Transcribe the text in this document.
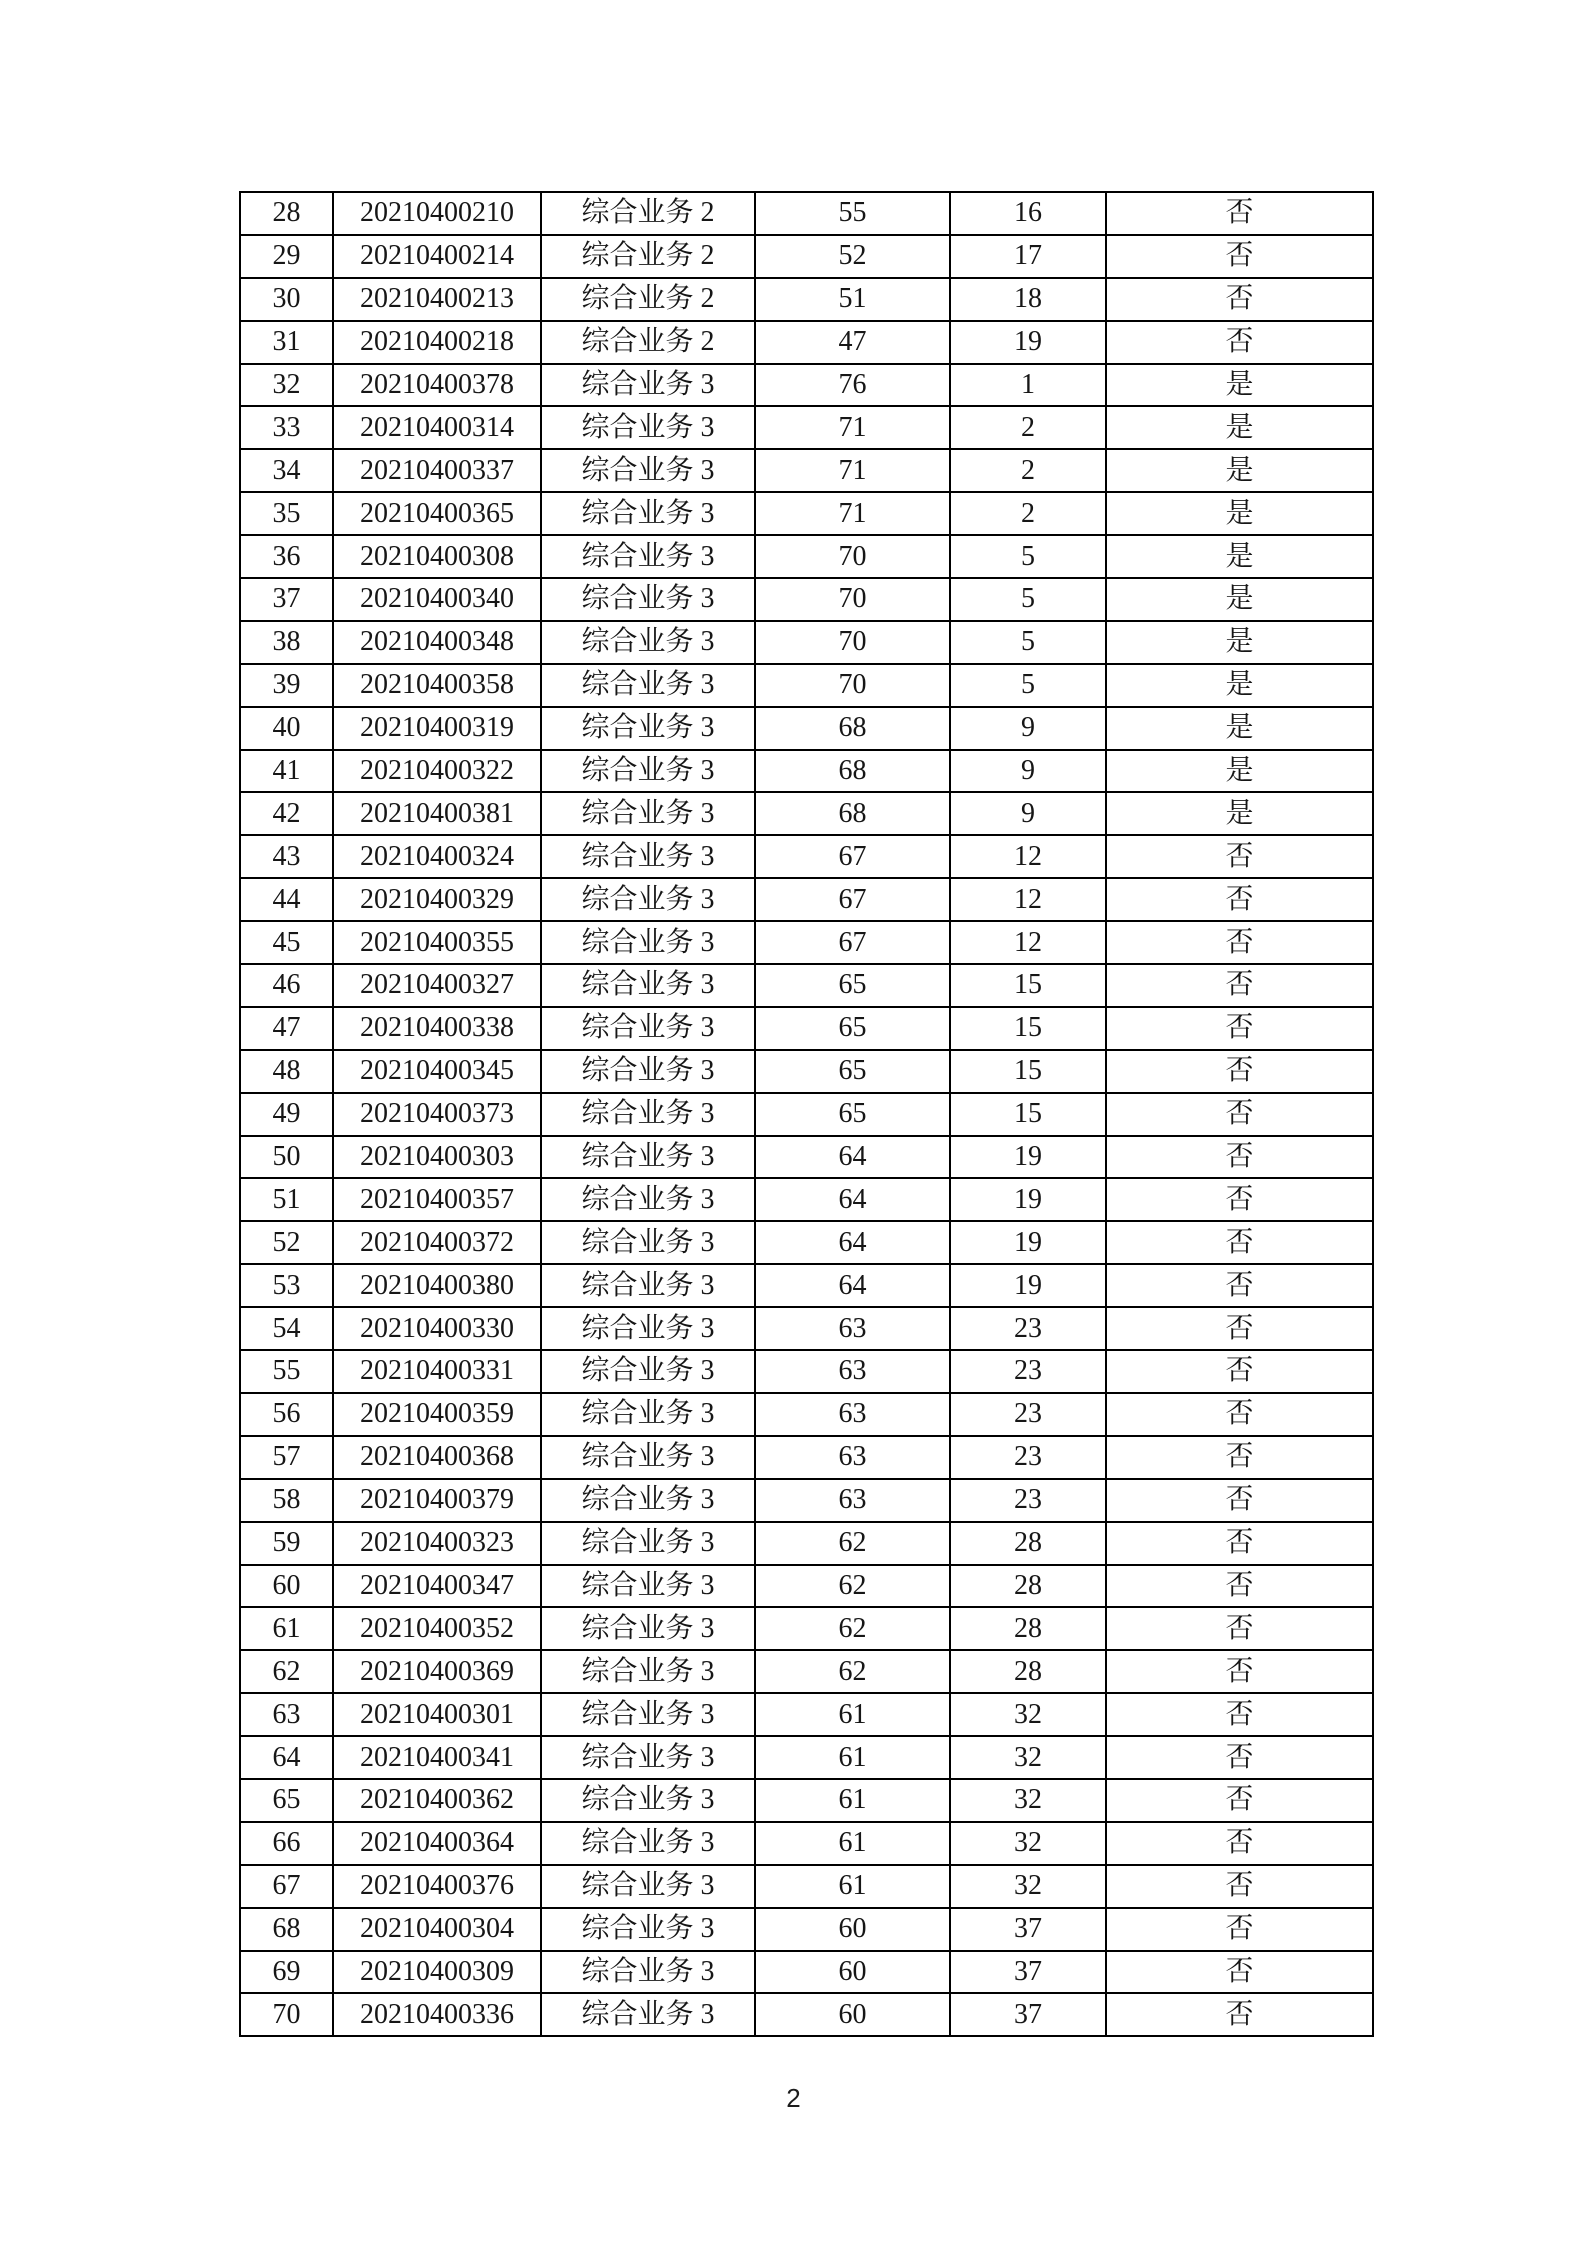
28	20210400210	综合业务 2	55	16	否
29	20210400214	综合业务 2	52	17	否
30	20210400213	综合业务 2	51	18	否
31	20210400218	综合业务 2	47	19	否
32	20210400378	综合业务 3	76	1	是
33	20210400314	综合业务 3	71	2	是
34	20210400337	综合业务 3	71	2	是
35	20210400365	综合业务 3	71	2	是
36	20210400308	综合业务 3	70	5	是
37	20210400340	综合业务 3	70	5	是
38	20210400348	综合业务 3	70	5	是
39	20210400358	综合业务 3	70	5	是
40	20210400319	综合业务 3	68	9	是
41	20210400322	综合业务 3	68	9	是
42	20210400381	综合业务 3	68	9	是
43	20210400324	综合业务 3	67	12	否
44	20210400329	综合业务 3	67	12	否
45	20210400355	综合业务 3	67	12	否
46	20210400327	综合业务 3	65	15	否
47	20210400338	综合业务 3	65	15	否
48	20210400345	综合业务 3	65	15	否
49	20210400373	综合业务 3	65	15	否
50	20210400303	综合业务 3	64	19	否
51	20210400357	综合业务 3	64	19	否
52	20210400372	综合业务 3	64	19	否
53	20210400380	综合业务 3	64	19	否
54	20210400330	综合业务 3	63	23	否
55	20210400331	综合业务 3	63	23	否
56	20210400359	综合业务 3	63	23	否
57	20210400368	综合业务 3	63	23	否
58	20210400379	综合业务 3	63	23	否
59	20210400323	综合业务 3	62	28	否
60	20210400347	综合业务 3	62	28	否
61	20210400352	综合业务 3	62	28	否
62	20210400369	综合业务 3	62	28	否
63	20210400301	综合业务 3	61	32	否
64	20210400341	综合业务 3	61	32	否
65	20210400362	综合业务 3	61	32	否
66	20210400364	综合业务 3	61	32	否
67	20210400376	综合业务 3	61	32	否
68	20210400304	综合业务 3	60	37	否
69	20210400309	综合业务 3	60	37	否
70	20210400336	综合业务 3	60	37	否
2
